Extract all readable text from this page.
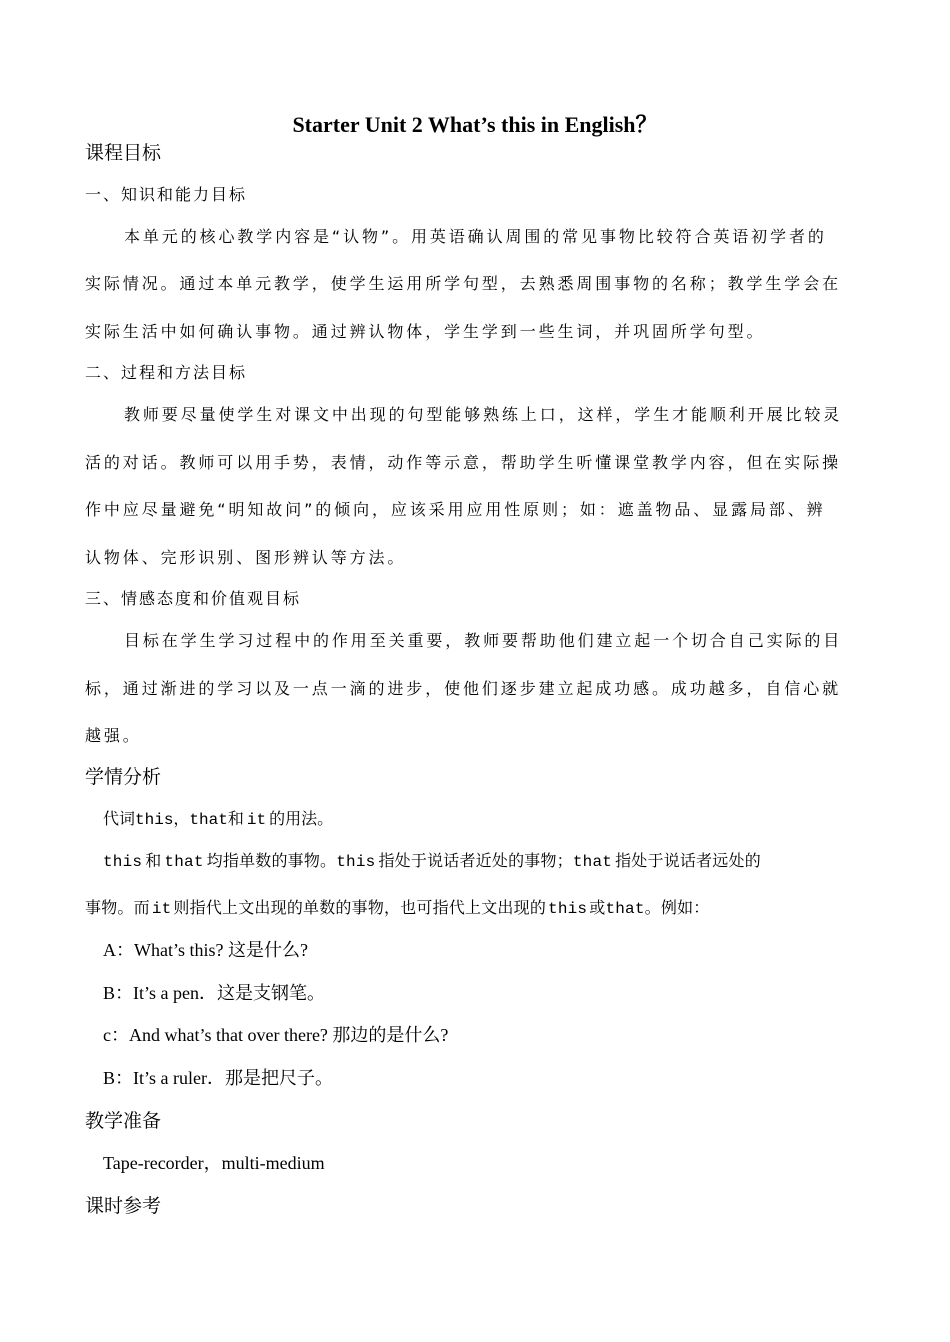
Starter Unit 2 What’s this in English？
课程目标
一、知识和能力目标
本单元的核心教学内容是“认物”。用英语确认周围的常见事物比较符合英语初学者的
实际情况。通过本单元教学，使学生运用所学句型，去熟悉周围事物的名称；教学生学会在
实际生活中如何确认事物。通过辨认物体，学生学到一些生词，并巩固所学句型。
二、过程和方法目标
教师要尽量使学生对课文中出现的句型能够熟练上口，这样，学生才能顺利开展比较灵
活的对话。教师可以用手势，表情，动作等示意，帮助学生听懂课堂教学内容，但在实际操
作中应尽量避免“明知故问”的倾向，应该采用应用性原则；如：遮盖物品、显露局部、辨
认物体、完形识别、图形辨认等方法。
三、情感态度和价值观目标
目标在学生学习过程中的作用至关重要，教师要帮助他们建立起一个切合自己实际的目
标，通过渐进的学习以及一点一滴的进步，使他们逐步建立起成功感。成功越多，自信心就
越强。
学情分析
代词this，that和 it 的用法。
this 和 that 均指单数的事物。this 指处于说话者近处的事物；that 指处于说话者远处的
事物。而 it 则指代上文出现的单数的事物，也可指代上文出现的 this 或that。例如：
A：What’s this? 这是什么?
B：It’s a pen．这是支钢笔。
c：And what’s that over there? 那边的是什么?
B：It’s a ruler．那是把尺子。
教学准备
Tape-recorder，multi-medium
课时参考
